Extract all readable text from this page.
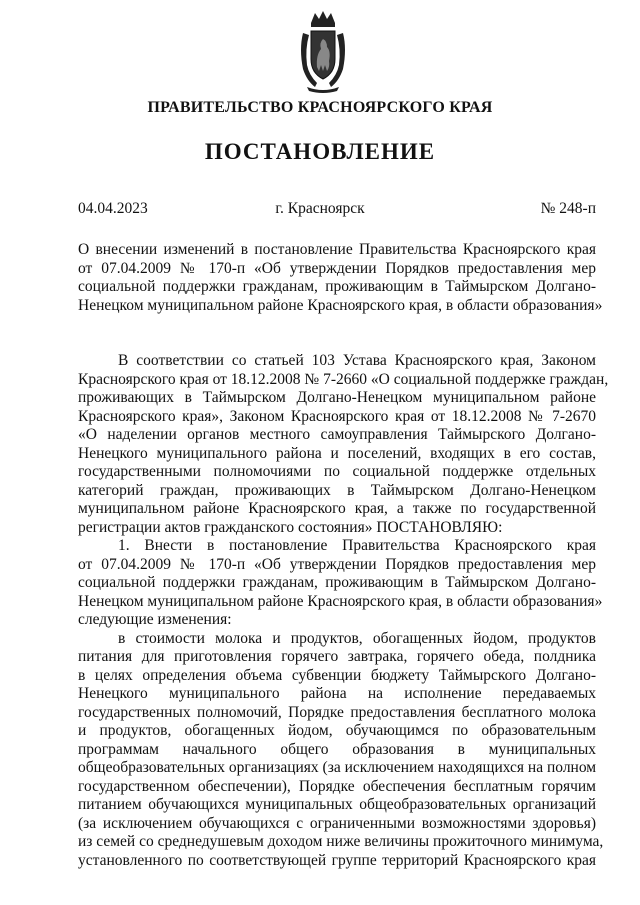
ПРАВИТЕЛЬСТВО КРАСНОЯРСКОГО КРАЯ
ПОСТАНОВЛЕНИЕ
04.04.2023	г. Красноярск	№ 248-п
О внесении изменений в постановление Правительства Красноярского края
от 07.04.2009 № 170-п «Об утверждении Порядков предоставления мер
социальной поддержки гражданам, проживающим в Таймырском Долгано-
Ненецком муниципальном районе Красноярского края, в области образования»
В соответствии со статьей 103 Устава Красноярского края, Законом
Красноярского края от 18.12.2008 № 7-2660 «О социальной поддержке граждан,
проживающих в Таймырском Долгано-Ненецком муниципальном районе
Красноярского края», Законом Красноярского края от 18.12.2008 № 7-2670
«О наделении органов местного самоуправления Таймырского Долгано-
Ненецкого муниципального района и поселений, входящих в его состав,
государственными полномочиями по социальной поддержке отдельных
категорий граждан, проживающих в Таймырском Долгано-Ненецком
муниципальном районе Красноярского края, а также по государственной
регистрации актов гражданского состояния» ПОСТАНОВЛЯЮ:
1. Внести в постановление Правительства Красноярского края
от 07.04.2009 № 170-п «Об утверждении Порядков предоставления мер
социальной поддержки гражданам, проживающим в Таймырском Долгано-
Ненецком муниципальном районе Красноярского края, в области образования»
следующие изменения:
в стоимости молока и продуктов, обогащенных йодом, продуктов
питания для приготовления горячего завтрака, горячего обеда, полдника
в целях определения объема субвенции бюджету Таймырского Долгано-
Ненецкого муниципального района на исполнение передаваемых
государственных полномочий, Порядке предоставления бесплатного молока
и продуктов, обогащенных йодом, обучающимся по образовательным
программам начального общего образования в муниципальных
общеобразовательных организациях (за исключением находящихся на полном
государственном обеспечении), Порядке обеспечения бесплатным горячим
питанием обучающихся муниципальных общеобразовательных организаций
(за исключением обучающихся с ограниченными возможностями здоровья)
из семей со среднедушевым доходом ниже величины прожиточного минимума,
установленного по соответствующей группе территорий Красноярского края
